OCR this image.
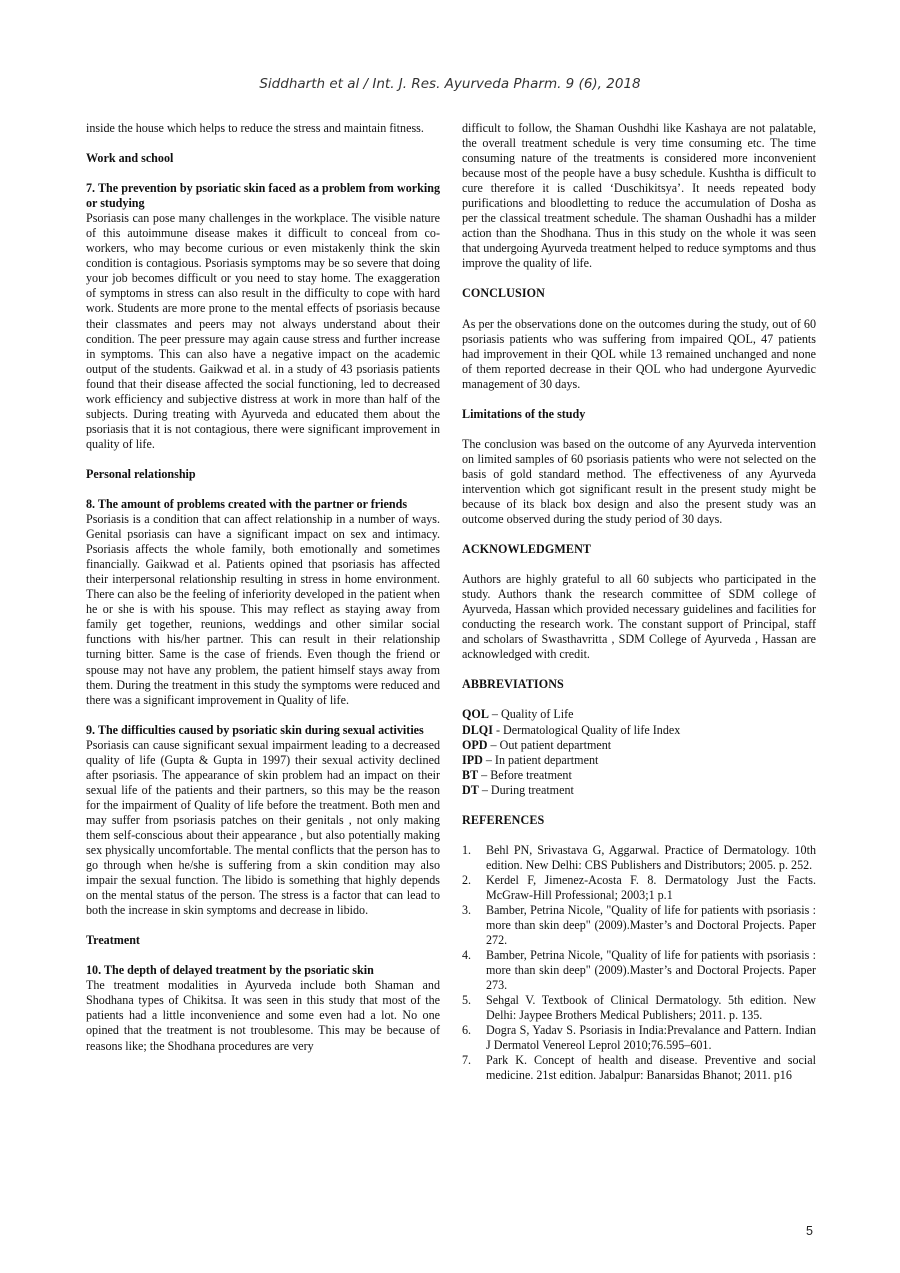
Siddharth et al / Int. J. Res. Ayurveda Pharm. 9 (6), 2018

inside the house which helps to reduce the stress and maintain fitness.

Work and school

7. The prevention by psoriatic skin faced as a problem from working or studying

Psoriasis can pose many challenges in the workplace. The visible nature of this autoimmune disease makes it difficult to conceal from co-workers, who may become curious or even mistakenly think the skin condition is contagious. Psoriasis symptoms may be so severe that doing your job becomes difficult or you need to stay home. The exaggeration of symptoms in stress can also result in the difficulty to cope with hard work. Students are more prone to the mental effects of psoriasis because their classmates and peers may not always understand about their condition. The peer pressure may again cause stress and further increase in symptoms. This can also have a negative impact on the academic output of the students. Gaikwad et al. in a study of 43 psoriasis patients found that their disease affected the social functioning, led to decreased work efficiency and subjective distress at work in more than half of the subjects. During treating with Ayurveda and educated them about the psoriasis that it is not contagious, there were significant improvement in quality of life.

Personal relationship

8. The amount of problems created with the partner or friends

Psoriasis is a condition that can affect relationship in a number of ways. Genital psoriasis can have a significant impact on sex and intimacy. Psoriasis affects the whole family, both emotionally and sometimes financially. Gaikwad et al. Patients opined that psoriasis has affected their interpersonal relationship resulting in stress in home environment. There can also be the feeling of inferiority developed in the patient when he or she is with his spouse. This may reflect as staying away from family get together, reunions, weddings and other similar social functions with his/her partner. This can result in their relationship turning bitter. Same is the case of friends. Even though the friend or spouse may not have any problem, the patient himself stays away from them. During the treatment in this study the symptoms were reduced and there was a significant improvement in Quality of life.

9. The difficulties caused by psoriatic skin during sexual activities

Psoriasis can cause significant sexual impairment leading to a decreased quality of life (Gupta & Gupta in 1997) their sexual activity declined after psoriasis. The appearance of skin problem had an impact on their sexual life of the patients and their partners, so this may be the reason for the impairment of Quality of life before the treatment. Both men and may suffer from psoriasis patches on their genitals , not only making them self-conscious about their appearance , but also potentially making sex physically uncomfortable. The mental conflicts that the person has to go through when he/she is suffering from a skin condition may also impair the sexual function. The libido is something that highly depends on the mental status of the person. The stress is a factor that can lead to both the increase in skin symptoms and decrease in libido.

Treatment

10. The depth of delayed treatment by the psoriatic skin

The treatment modalities in Ayurveda include both Shaman and Shodhana types of Chikitsa. It was seen in this study that most of the patients had a little inconvenience and some even had a lot. No one opined that the treatment is not troublesome. This may be because of reasons like; the Shodhana procedures are very

difficult to follow, the Shaman Oushdhi like Kashaya are not palatable, the overall treatment schedule is very time consuming etc. The time consuming nature of the treatments is considered more inconvenient because most of the people have a busy schedule. Kushtha is difficult to cure therefore it is called ‘Duschikitsya’. It needs repeated body purifications and bloodletting to reduce the accumulation of Dosha as per the classical treatment schedule. The shaman Oushadhi has a milder action than the Shodhana. Thus in this study on the whole it was seen that undergoing Ayurveda treatment helped to reduce symptoms and thus improve the quality of life.

CONCLUSION

As per the observations done on the outcomes during the study, out of 60 psoriasis patients who was suffering from impaired QOL, 47 patients had improvement in their QOL while 13 remained unchanged and none of them reported decrease in their QOL who had undergone Ayurvedic management of 30 days.

Limitations of the study

The conclusion was based on the outcome of any Ayurveda intervention on limited samples of 60 psoriasis patients who were not selected on the basis of gold standard method. The effectiveness of any Ayurveda intervention which got significant result in the present study might be because of its black box design and also the present study was an outcome observed during the study period of 30 days.

ACKNOWLEDGMENT

Authors are highly grateful to all 60 subjects who participated in the study. Authors thank the research committee of SDM college of Ayurveda, Hassan which provided necessary guidelines and facilities for conducting the research work. The constant support of Principal, staff and scholars of Swasthavritta , SDM College of Ayurveda , Hassan are acknowledged with credit.

ABBREVIATIONS

QOL – Quality of Life

DLQI - Dermatological Quality of life Index

OPD – Out patient department

IPD – In patient department

BT – Before treatment

DT – During treatment

REFERENCES

1. Behl PN, Srivastava G, Aggarwal. Practice of Dermatology. 10th edition. New Delhi: CBS Publishers and Distributors; 2005. p. 252.
2. Kerdel F, Jimenez-Acosta F. 8. Dermatology Just the Facts. McGraw-Hill Professional; 2003;1 p.1
3. Bamber, Petrina Nicole, "Quality of life for patients with psoriasis : more than skin deep" (2009).Master’s and Doctoral Projects. Paper 272.
4. Bamber, Petrina Nicole, "Quality of life for patients with psoriasis : more than skin deep" (2009).Master’s and Doctoral Projects. Paper 273.
5. Sehgal V. Textbook of Clinical Dermatology. 5th edition. New Delhi: Jaypee Brothers Medical Publishers; 2011. p. 135.
6. Dogra S, Yadav S. Psoriasis in India:Prevalance and Pattern. Indian J Dermatol Venereol Leprol 2010;76.595–601.
7. Park K. Concept of health and disease. Preventive and social medicine. 21st edition. Jabalpur: Banarsidas Bhanot; 2011. p16
5
